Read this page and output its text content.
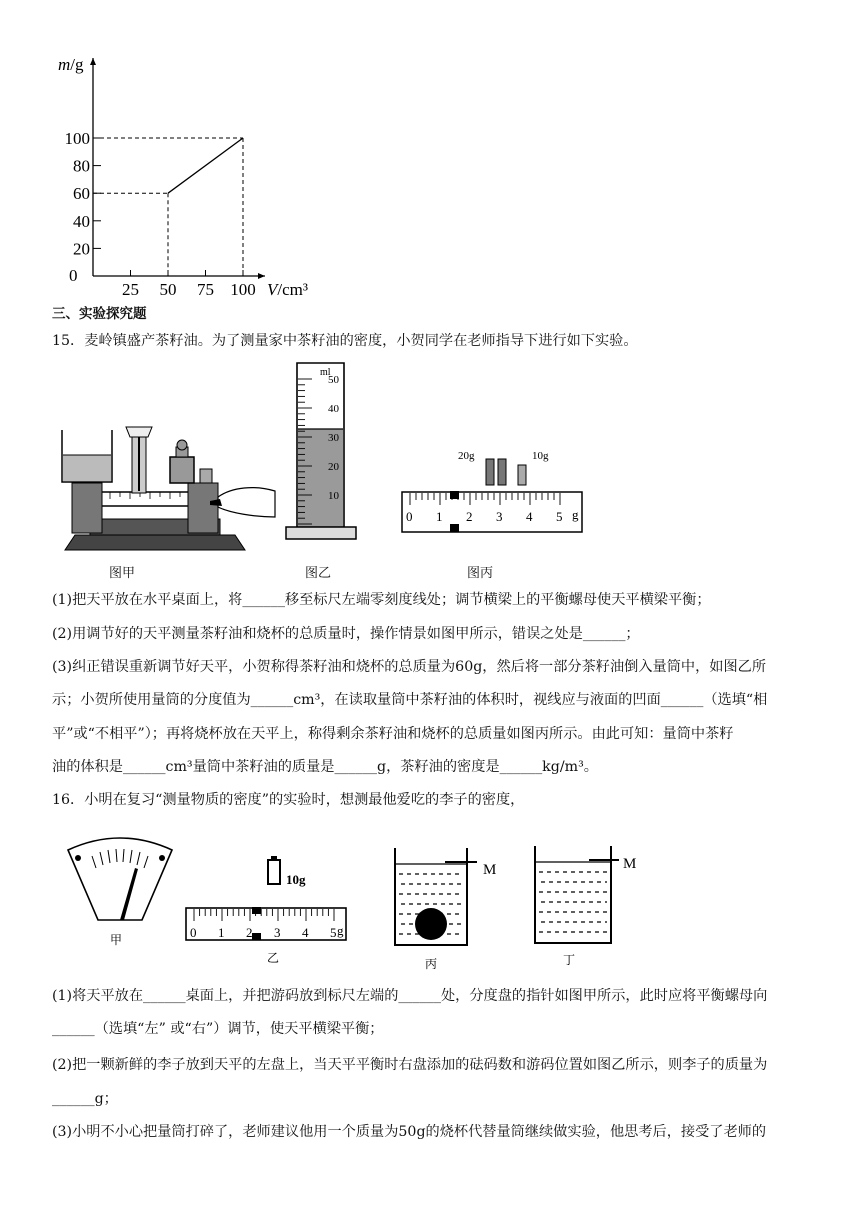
25 50 75 100
20
40
60
80
100
0
m/g
V/cm³
三、实验探究题
15．麦岭镇盛产茶籽油。为了测量家中茶籽油的密度，小贺同学在老师指导下进行如下实验。
ml
50
40
30
20
10
20g	10g
0 1 2 3 4 5 g
图甲	图乙	图丙
(1)把天平放在水平桌面上，将______移至标尺左端零刻度线处；调节横梁上的平衡螺母使天平横梁平衡；
(2)用调节好的天平测量茶籽油和烧杯的总质量时，操作情景如图甲所示，错误之处是______；
(3)纠正错误重新调节好天平，小贺称得茶籽油和烧杯的总质量为60g，然后将一部分茶籽油倒入量筒中，如图乙所
示；小贺所使用量筒的分度值为______cm³，在读取量筒中茶籽油的体积时，视线应与液面的凹面______（选填“相
平”或“不相平”）；再将烧杯放在天平上，称得剩余茶籽油和烧杯的总质量如图丙所示。由此可知：量筒中茶籽
油的体积是______cm³量筒中茶籽油的质量是______g，茶籽油的密度是______kg/m³。
16．小明在复习“测量物质的密度”的实验时，想测最他爱吃的李子的密度，
甲
10g
0 1 2 3 4 5 g
乙
M
丙
M
丁
(1)将天平放在______桌面上，并把游码放到标尺左端的______处，分度盘的指针如图甲所示，此时应将平衡螺母向
______（选填“左” 或“右”）调节，使天平横梁平衡；
(2)把一颗新鲜的李子放到天平的左盘上，当天平平衡时右盘添加的砝码数和游码位置如图乙所示，则李子的质量为
______g；
(3)小明不小心把量筒打碎了，老师建议他用一个质量为50g的烧杯代替量筒继续做实验，他思考后，接受了老师的
